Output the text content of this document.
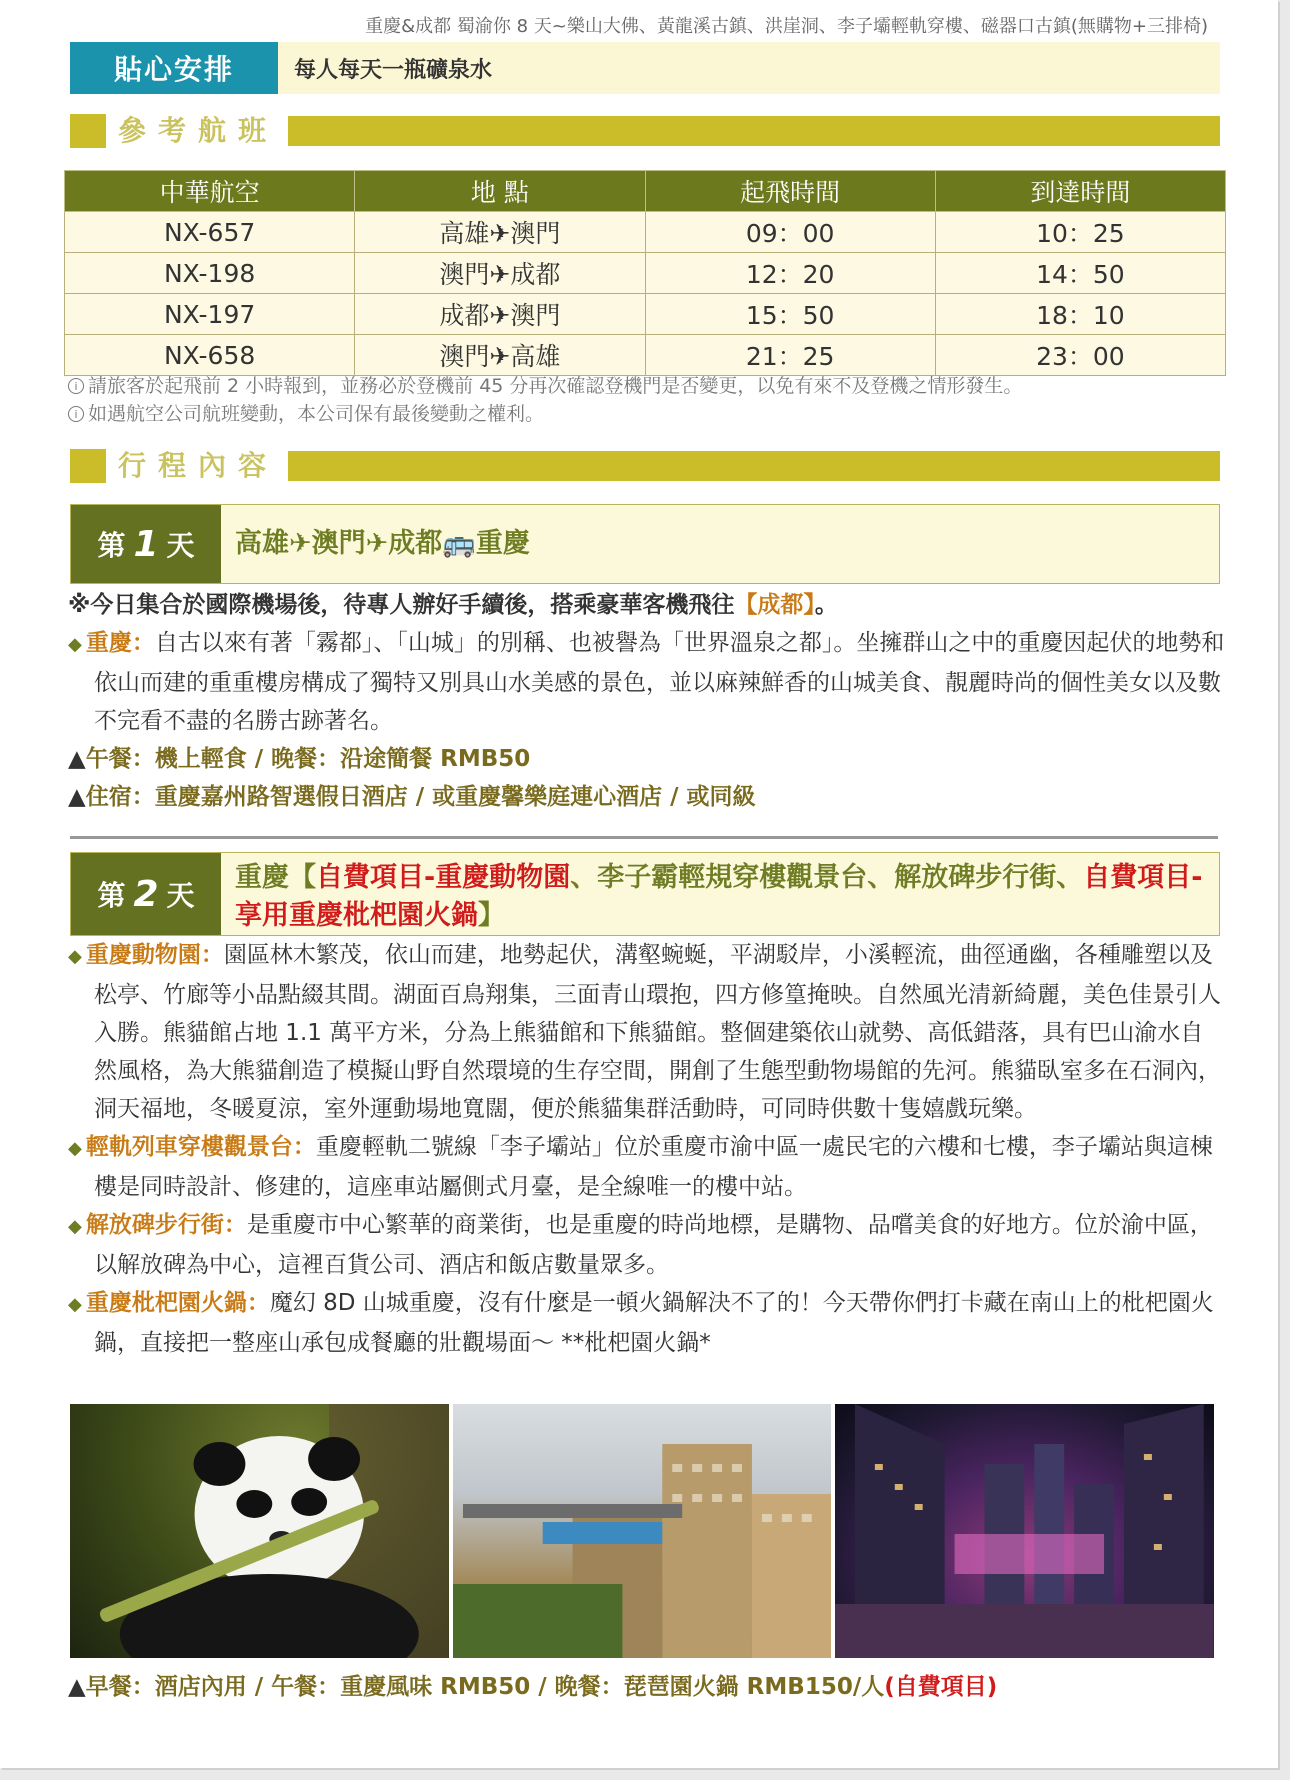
重慶&成都 蜀渝你 8 天~樂山大佛、黃龍溪古鎮、洪崖洞、李子壩輕軌穿樓、磁器口古鎮(無購物+三排椅)
貼心安排	每人每天一瓶礦泉水
參考航班
中華航空	地 點	起飛時間	到達時間
NX-657	高雄✈澳門	09：00	10：25
NX-198	澳門✈成都	12：20	14：50
NX-197	成都✈澳門	15：50	18：10
NX-658	澳門✈高雄	21：25	23：00
i 請旅客於起飛前 2 小時報到，並務必於登機前 45 分再次確認登機門是否變更，以免有來不及登機之情形發生。
i 如遇航空公司航班變動，本公司保有最後變動之權利。
行程內容
第 1 天	高雄✈澳門✈成都🚌重慶
※今日集合於國際機場後，待專人辦好手續後，搭乘豪華客機飛往【成都】。
◆ 重慶：自古以來有著「霧都」、「山城」的別稱、也被譽為「世界溫泉之都」。坐擁群山之中的重慶因起伏的地勢和依山而建的重重樓房構成了獨特又別具山水美感的景色，並以麻辣鮮香的山城美食、靚麗時尚的個性美女以及數不完看不盡的名勝古跡著名。
▲午餐：機上輕食 / 晚餐：沿途簡餐 RMB50
▲住宿：重慶嘉州路智選假日酒店 / 或重慶馨樂庭連心酒店 / 或同級
第 2 天
重慶【自費項目-重慶動物園、李子霸輕規穿樓觀景台、解放碑步行街、自費項目-享用重慶枇杷園火鍋】
◆ 重慶動物園：園區林木繁茂，依山而建，地勢起伏，溝壑蜿蜒，平湖駁岸，小溪輕流，曲徑通幽，各種雕塑以及松亭、竹廊等小品點綴其間。湖面百鳥翔集，三面青山環抱，四方修篁掩映。自然風光清新綺麗，美色佳景引人入勝。熊貓館占地 1.1 萬平方米，分為上熊貓館和下熊貓館。整個建築依山就勢、高低錯落，具有巴山渝水自然風格，為大熊貓創造了模擬山野自然環境的生存空間，開創了生態型動物場館的先河。熊貓臥室多在石洞內，洞天福地，冬暖夏涼，室外運動場地寬闊，便於熊貓集群活動時，可同時供數十隻嬉戲玩樂。
◆ 輕軌列車穿樓觀景台：重慶輕軌二號線「李子壩站」位於重慶市渝中區一處民宅的六樓和七樓，李子壩站與這棟樓是同時設計、修建的，這座車站屬側式月臺，是全線唯一的樓中站。
◆ 解放碑步行街：是重慶市中心繁華的商業街，也是重慶的時尚地標，是購物、品嚐美食的好地方。位於渝中區，以解放碑為中心，這裡百貨公司、酒店和飯店數量眾多。
◆ 重慶枇杷園火鍋：魔幻 8D 山城重慶，沒有什麼是一頓火鍋解決不了的！今天帶你們打卡藏在南山上的枇杷園火鍋，直接把一整座山承包成餐廳的壯觀場面～ **枇杷園火鍋*
▲早餐：酒店內用 / 午餐：重慶風味 RMB50 / 晚餐：琵琶園火鍋 RMB150/人(自費項目)
